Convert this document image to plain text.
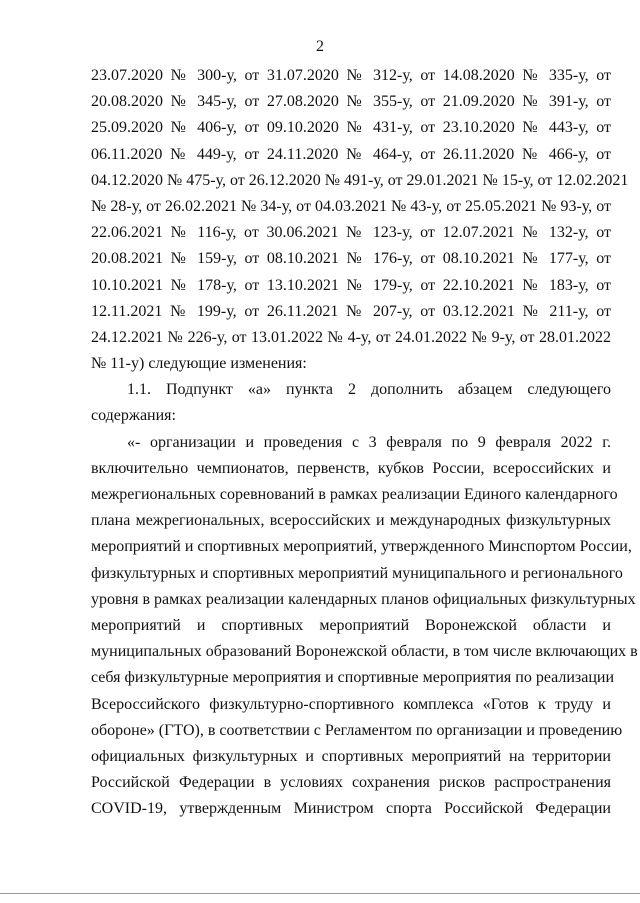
2
23.07.2020 № 300-у, от 31.07.2020 № 312-у, от 14.08.2020 № 335-у, от
20.08.2020 № 345-у, от 27.08.2020 № 355-у, от 21.09.2020 № 391-у, от
25.09.2020 № 406-у, от 09.10.2020 № 431-у, от 23.10.2020 № 443-у, от
06.11.2020 № 449-у, от 24.11.2020 № 464-у, от 26.11.2020 № 466-у, от
04.12.2020 № 475-у, от 26.12.2020 № 491-у, от 29.01.2021 № 15-у, от 12.02.2021
№ 28-у, от 26.02.2021 № 34-у, от 04.03.2021 № 43-у, от 25.05.2021 № 93-у, от
22.06.2021 № 116-у, от 30.06.2021 № 123-у, от 12.07.2021 № 132-у, от
20.08.2021 № 159-у, от 08.10.2021 № 176-у, от 08.10.2021 № 177-у, от
10.10.2021 № 178-у, от 13.10.2021 № 179-у, от 22.10.2021 № 183-у, от
12.11.2021 № 199-у, от 26.11.2021 № 207-у, от 03.12.2021 № 211-у, от
24.12.2021 № 226-у, от 13.01.2022 № 4-у, от 24.01.2022 № 9-у, от 28.01.2022
№ 11-у) следующие изменения:
1.1. Подпункт «а» пункта 2 дополнить абзацем следующего
содержания:
«- организации и проведения с 3 февраля по 9 февраля 2022 г.
включительно чемпионатов, первенств, кубков России, всероссийских и
межрегиональных соревнований в рамках реализации Единого календарного
плана межрегиональных, всероссийских и международных физкультурных
мероприятий и спортивных мероприятий, утвержденного Минспортом России,
физкультурных и спортивных мероприятий муниципального и регионального
уровня в рамках реализации календарных планов официальных физкультурных
мероприятий и спортивных мероприятий Воронежской области и
муниципальных образований Воронежской области, в том числе включающих в
себя физкультурные мероприятия и спортивные мероприятия по реализации
Всероссийского физкультурно-спортивного комплекса «Готов к труду и
обороне» (ГТО), в соответствии с Регламентом по организации и проведению
официальных физкультурных и спортивных мероприятий на территории
Российской Федерации в условиях сохранения рисков распространения
COVID-19, утвержденным Министром спорта Российской Федерации
